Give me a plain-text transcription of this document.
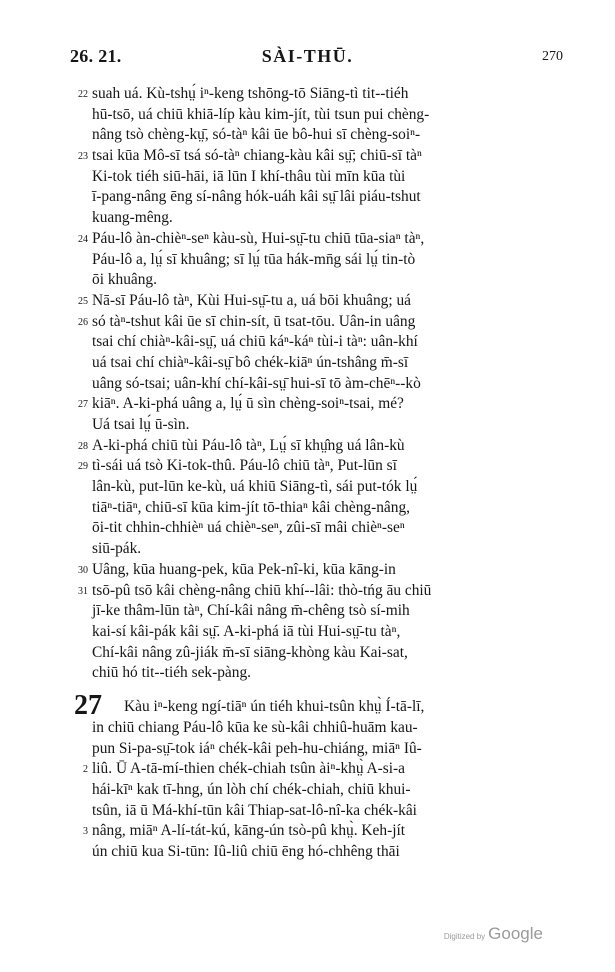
26. 21.	SÀI-THŪ.	270
22 suah uá. Kù-tshṳ́ iⁿ-keng tshōng-tō Siāng-tì tit--tiéh
hū-tsō, uá chiū khiā-líp kàu kim-jít, tùi tsun pui chèng-
nâng tsò chèng-kṳ̄, só-tàⁿ kâi ūe bô-hui sī chèng-soiⁿ-
23 tsai kūa Mô-sī tsá só-tàⁿ chiang-kàu kâi sṳ̄; chiū-sī tàⁿ
Ki-tok tiéh siū-hāi, iā lūn I khí-thâu tùi mīn kūa tùi
ī-pang-nâng ēng sí-nâng hók-uáh kâi sṳ̄ lâi piáu-tshut
kuang-mêng.
24 Páu-lô àn-chièⁿ-seⁿ kàu-sù, Hui-sṳ̄-tu chiū tūa-siaⁿ tàⁿ,
Páu-lô a, lṳ́ sī khuâng; sī lṳ́ tūa hák-mn̄g sái lṳ́ tin-tò
ōi khuâng.
25 Nā-sī Páu-lô tàⁿ, Kùi Hui-sṳ̄-tu a, uá bōi khuâng; uá
26 só tàⁿ-tshut kâi ūe sī chin-sít, ū tsat-tōu. Uân-in uâng
tsai chí chiàⁿ-kâi-sṳ̄, uá chiū káⁿ-káⁿ tùi-i tàⁿ: uân-khí
uá tsai chí chiàⁿ-kâi-sṳ̄ bô chék-kiāⁿ ún-tshâng m̄-sī
uâng só-tsai; uân-khí chí-kâi-sṳ̄ hui-sī tō àm-chēⁿ--kò
27 kiāⁿ. A-ki-phá uâng a, lṳ́ ū sìn chèng-soiⁿ-tsai, mé?
Uá tsai lṳ́ ū-sìn.
28 A-ki-phá chiū tùi Páu-lô tàⁿ, Lṳ́ sī khṳ̂ng uá lân-kù
29 tì-sái uá tsò Ki-tok-thû. Páu-lô chiū tàⁿ, Put-lūn sī
lân-kù, put-lūn ke-kù, uá khiū Siāng-tì, sái put-tók lṳ́
tiāⁿ-tiāⁿ, chiū-sī kūa kim-jít tō-thiaⁿ kâi chèng-nâng,
ōi-tit chhin-chhièⁿ uá chièⁿ-seⁿ, zûi-sī mâi chièⁿ-seⁿ
siū-pák.
30 Uâng, kūa huang-pek, kūa Pek-nî-ki, kūa kāng-in
31 tsō-pû tsō kâi chèng-nâng chiū khí--lâi: thò-tńg āu chiū
jī-ke thâm-lūn tàⁿ, Chí-kâi nâng m̄-chêng tsò sí-mih
kai-sí kâi-pák kâi sṳ̄. A-ki-phá iā tùi Hui-sṳ̄-tu tàⁿ,
Chí-kâi nâng zû-jiák m̄-sī siāng-khòng kàu Kai-sat,
chiū hó tit--tiéh sek-pàng.
27 Kàu iⁿ-keng ngí-tiāⁿ ún tiéh khui-tsûn khṳ̀ Í-tā-lī,
in chiū chiang Páu-lô kūa ke sù-kâi chhiû-huām kau-
pun Si-pa-sṳ̄-tok iáⁿ chék-kâi peh-hu-chiáng, miāⁿ Iû-
2 liû. Ū A-tā-mí-thien chék-chiah tsûn àiⁿ-khṳ̀ A-si-a
hái-kīⁿ kak tī-hng, ún lòh chí chék-chiah, chiū khui-
tsûn, iā ū Má-khí-tūn kâi Thiap-sat-lô-nî-ka chék-kâi
3 nâng, miāⁿ A-lí-tát-kú, kāng-ún tsò-pû khṳ̀. Keh-jít
ún chiū kua Si-tūn: Iû-liû chiū ēng hó-chhêng thāi
Digitized by Google
